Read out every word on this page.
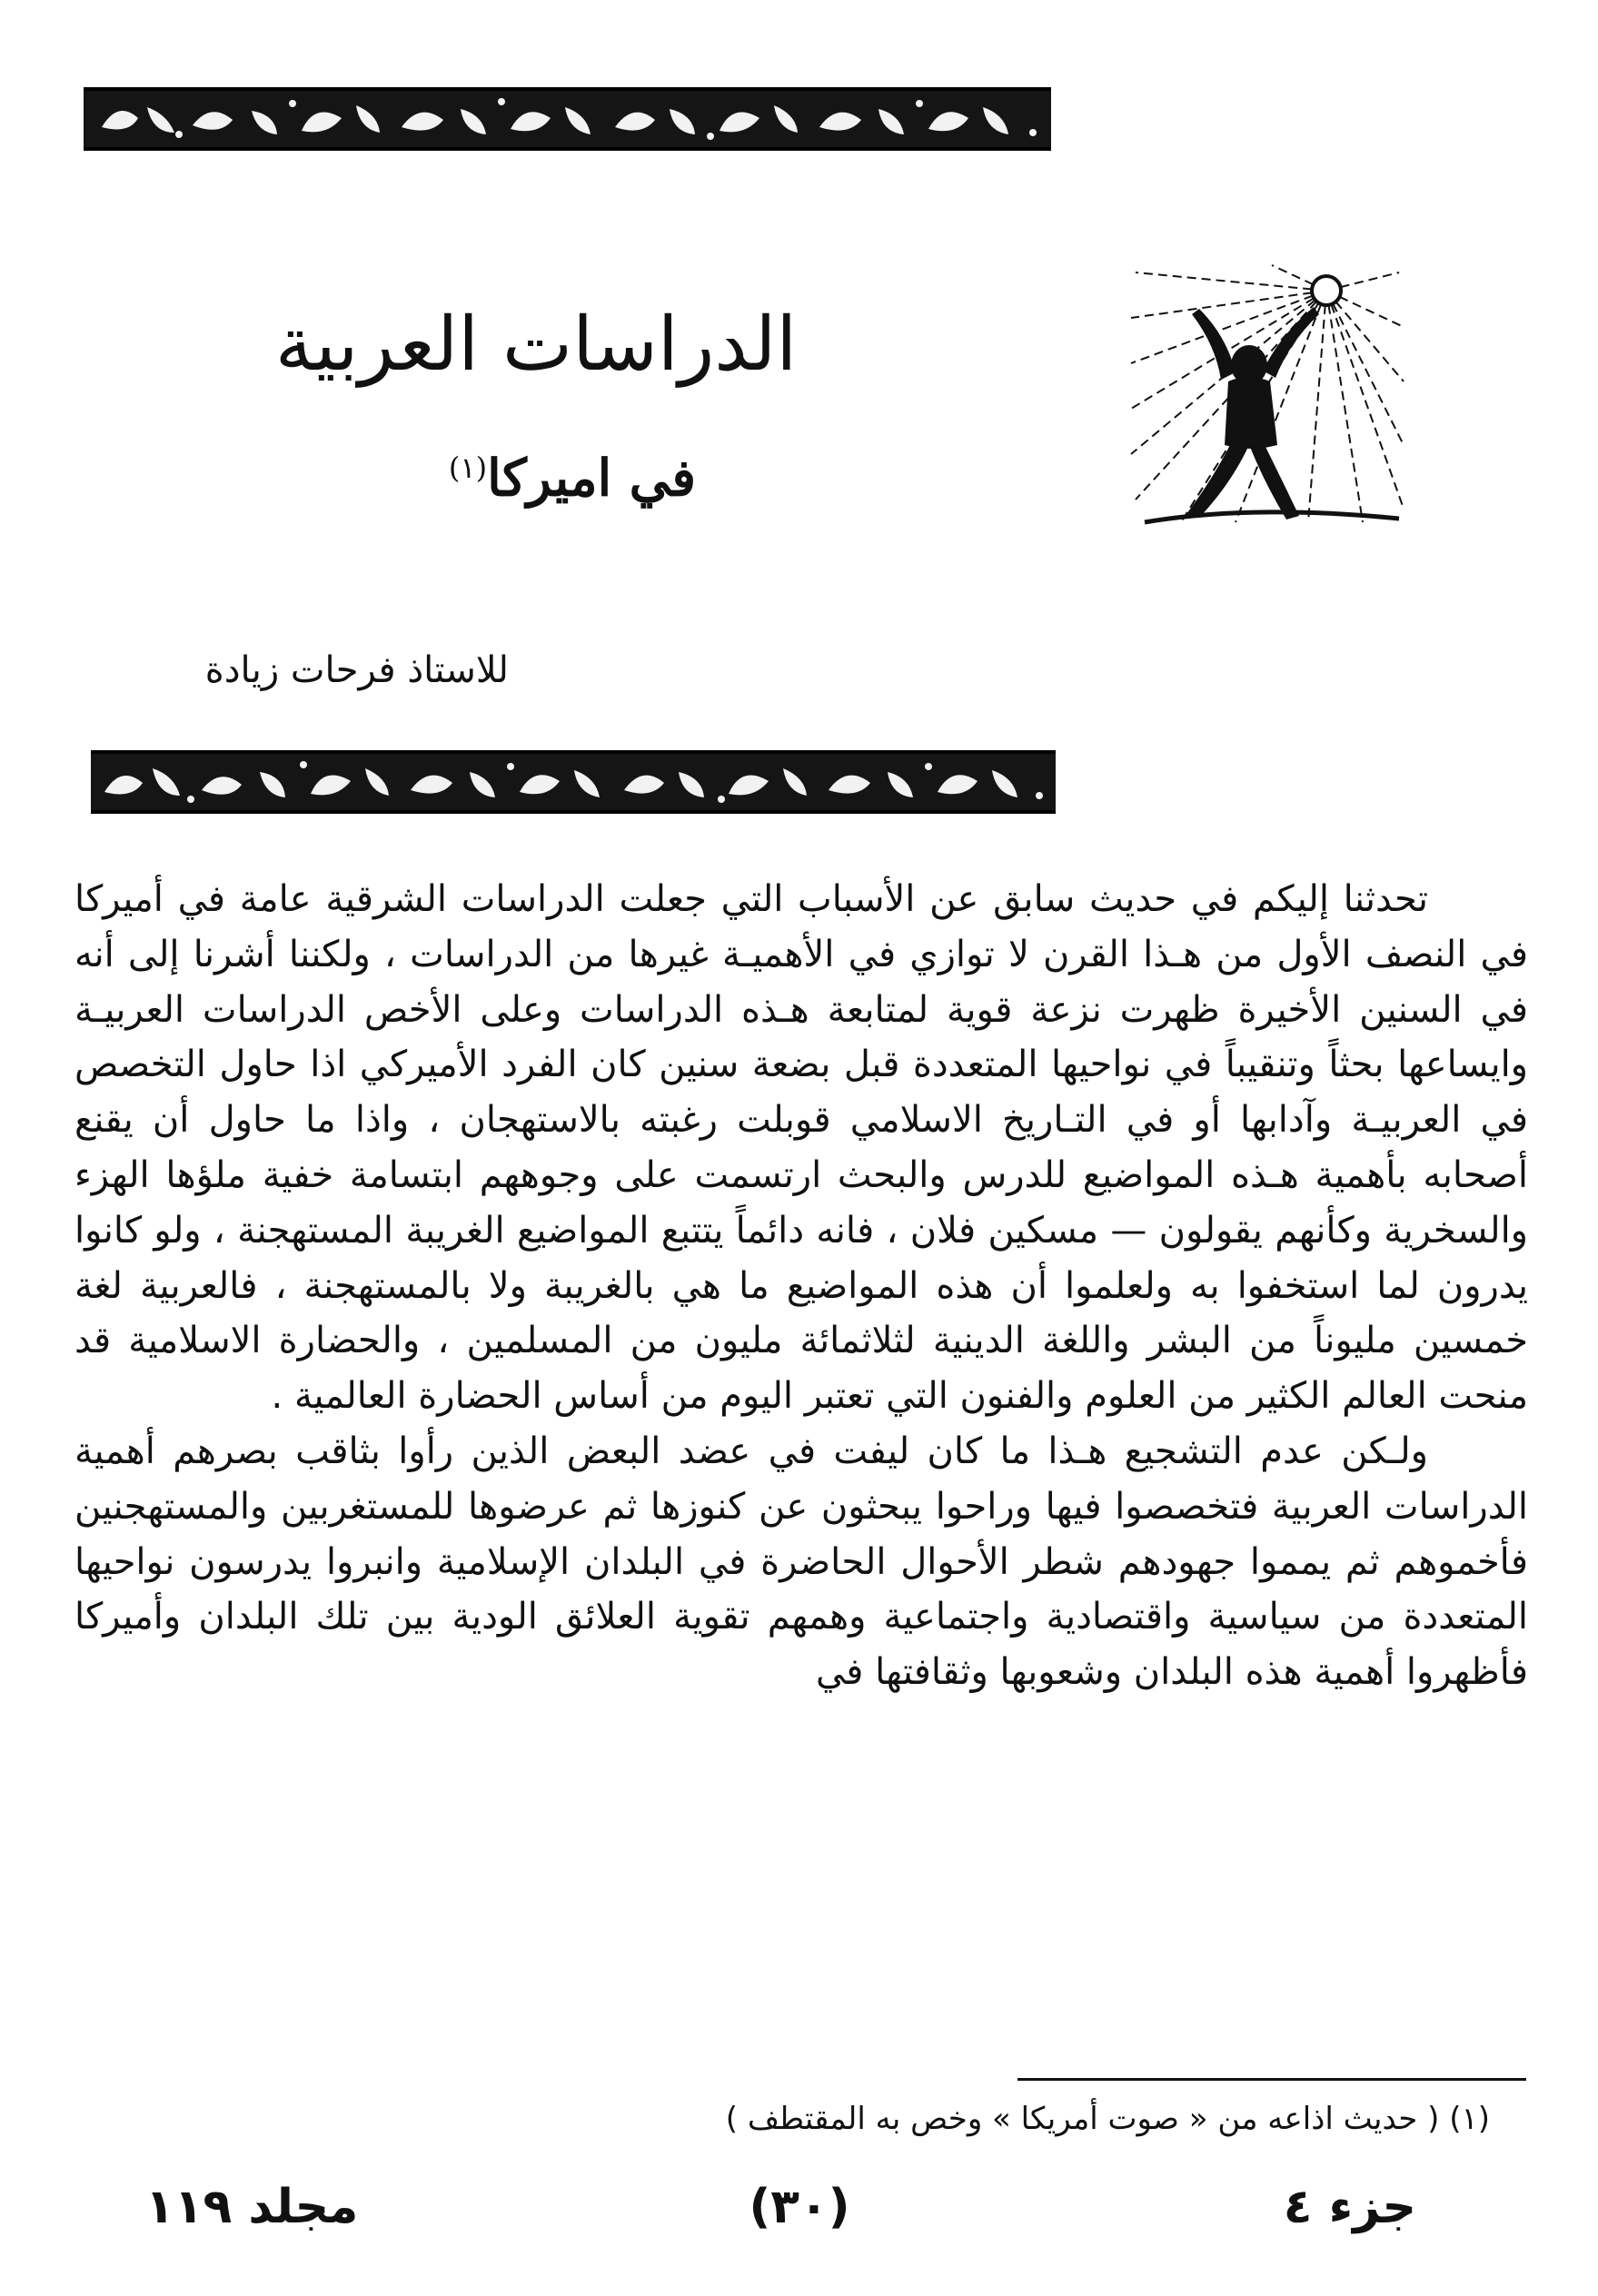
الدراسات العربية
في اميركا$^{(١)}$
للاستاذ فرحات زيادة

تحدثنا إليكم في حديث سابق عن الأسباب التي جعلت الدراسات الشرقية عامة في أميركا في النصف الأول من هـذا القرن لا توازي في الأهميـة غيرها من الدراسات ، ولكننا أشرنا إلى أنه في السنين الأخيرة ظهرت نزعة قوية لمتابعة هـذه الدراسات وعلى الأخص الدراسات العربيـة وايساعها بحثاً وتنقيباً في نواحيها المتعددة قبل بضعة سنين كان الفرد الأميركي اذا حاول التخصص في العربيـة وآدابها أو في التـاريخ الاسلامي قوبلت رغبته بالاستهجان ، واذا ما حاول أن يقنع أصحابه بأهمية هـذه المواضيع للدرس والبحث ارتسمت على وجوههم ابتسامة خفية ملؤها الهزء والسخرية وكأنهم يقولون — مسكين فلان ، فانه دائماً يتتبع المواضيع الغريبة المستهجنة ، ولو كانوا يدرون لما استخفوا به ولعلموا أن هذه المواضيع ما هي بالغريبة ولا بالمستهجنة ، فالعربية لغة خمسين مليوناً من البشر واللغة الدينية لثلاثمائة مليون من المسلمين ، والحضارة الاسلامية قد منحت العالم الكثير من العلوم والفنون التي تعتبر اليوم من أساس الحضارة العالمية .

ولـكن عدم التشجيع هـذا ما كان ليفت في عضد البعض الذين رأوا بثاقب بصرهم أهمية الدراسات العربية فتخصصوا فيها وراحوا يبحثون عن كنوزها ثم عرضوها للمستغربين والمستهجنين فأخموهم ثم يمموا جهودهم شطر الأحوال الحاضرة في البلدان الإسلامية وانبروا يدرسون نواحيها المتعددة من سياسية واقتصادية واجتماعية وهمهم تقوية العلائق الودية بين تلك البلدان وأميركا فأظهروا أهمية هذه البلدان وشعوبها وثقافتها في

(١) ( حديث اذاعه من « صوت أمريكا » وخص به المقتطف )
جزء ٤
(٣٠)
مجلد ١١٩
